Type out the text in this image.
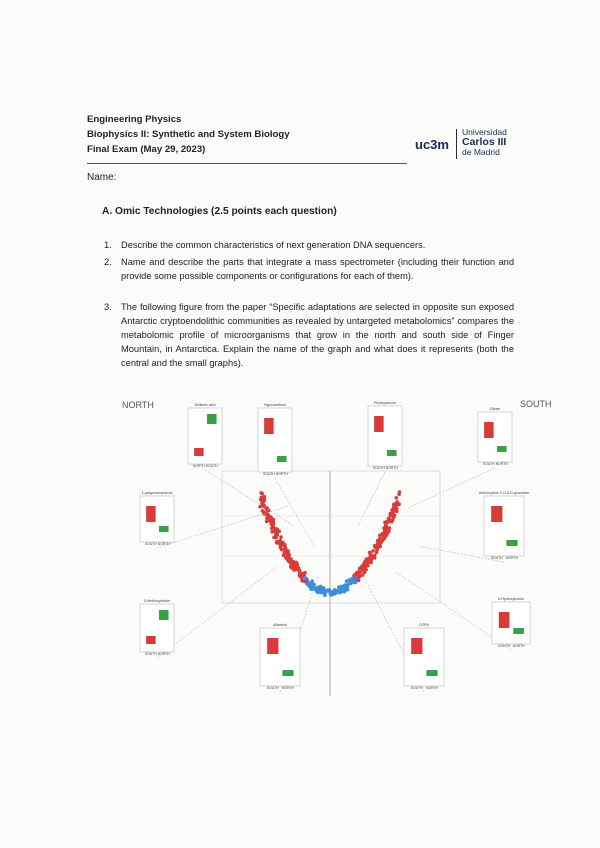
Engineering Physics
Biophysics II: Synthetic and System Biology
Final Exam (May 29, 2023)	uc3m
Universidad
Carlos III
de Madrid
Name:
A. Omic Technologies (2.5 points each question)
1. Describe the common characteristics of next generation DNA sequencers.
2. Name and describe the parts that integrate a mass spectrometer (including their function and provide some possible components or configurations for each of them).
3. The following figure from the paper “Specific adaptations are selected in opposite sun exposed Antarctic cryptoendolithic communities as revealed by untargeted metabolomics” compares the metabolomic profile of microorganisms that grow in the north and south side of Finger Mountain, in Antarctica. Explain the name of the graph and what does it represents (both the central and the small graphs).
NORTH	SOUTH
Shikimic acid
NORTH SOUTH
Hypoxanthine
SOUTH NORTH
Phylloquinone
SOUTH NORTH
Citrate
SOUTH NORTH
1-palgomamphenol
SOUTH NORTH
Anthocyanin 3-O-β-D-glucoside
SOUTH NORTH
5-Methoxyindole
SOUTH NORTH
Allantoin
SOUTH NORTH
DOPA
SOUTH NORTH
5-Hydroxyindole
SOUTH NORTH
